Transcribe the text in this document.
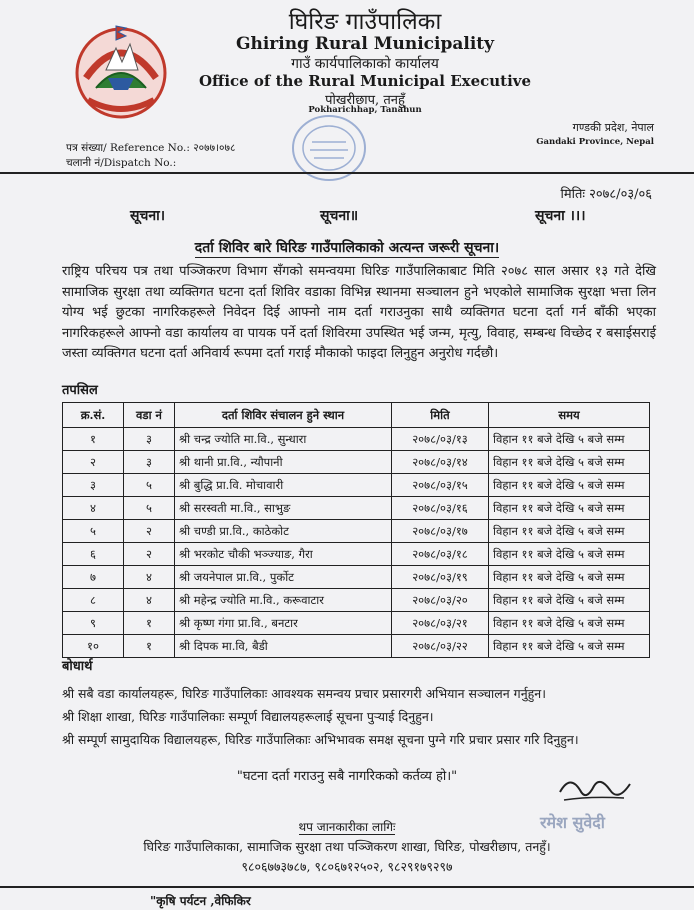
घिरिङ गाउँपालिका
Ghiring Rural Municipality
गाउँ कार्यपालिकाको कार्यालय
Office of the Rural Municipal Executive
पोखरीछाप, तनहुँ
Pokharichhap, Tanahun
गण्डकी प्रदेश, नेपाल
Gandaki Province, Nepal
पत्र संख्या/ Reference No.: २०७७।०७८
चलानी नं/Dispatch No.:
मितिः २०७८/०३/०६
सूचना।	सूचना॥	सूचना ।।।
दर्ता शिविर बारे घिरिङ गाउँपालिकाको अत्यन्त जरूरी सूचना।
राष्ट्रिय परिचय पत्र तथा पञ्जिकरण विभाग सँगको समन्वयमा घिरिङ गाउँपालिकाबाट मिति २०७८ साल असार १३ गते देखि सामाजिक सुरक्षा तथा व्यक्तिगत घटना दर्ता शिविर वडाका विभिन्न स्थानमा सञ्चालन हुने भएकोले सामाजिक सुरक्षा भत्ता लिन योग्य भई छुटका नागरिकहरूले निवेदन दिई आफ्नो नाम दर्ता गराउनुका साथै व्यक्तिगत घटना दर्ता गर्न बाँकी भएका नागरिकहरूले आफ्नो वडा कार्यालय वा पायक पर्ने दर्ता शिविरमा उपस्थित भई जन्म, मृत्यु, विवाह, सम्बन्ध विच्छेद र बसाईसराई जस्ता व्यक्तिगत घटना दर्ता अनिवार्य रूपमा दर्ता गराई मौकाको फाइदा लिनुहुन अनुरोध गर्दछौ।
तपसिल
क्र.सं.	वडा नं	दर्ता शिविर संचालन हुने स्थान	मिति	समय
१	३	श्री चन्द्र ज्योति मा.वि., सुन्धारा	२०७८/०३/१३	विहान ११ बजे देखि ५ बजे सम्म
२	३	श्री थानी प्रा.वि., न्यौपानी	२०७८/०३/१४	विहान ११ बजे देखि ५ बजे सम्म
३	५	श्री बुद्धि प्रा.वि. मोचावारी	२०७८/०३/१५	विहान ११ बजे देखि ५ बजे सम्म
४	५	श्री सरस्वती मा.वि., साभुङ	२०७८/०३/१६	विहान ११ बजे देखि ५ बजे सम्म
५	२	श्री चण्डी प्रा.वि., काठेकोट	२०७८/०३/१७	विहान ११ बजे देखि ५ बजे सम्म
६	२	श्री भरकोट चौकी भञ्ज्याङ, गैरा	२०७८/०३/१८	विहान ११ बजे देखि ५ बजे सम्म
७	४	श्री जयनेपाल प्रा.वि., पुर्कोट	२०७८/०३/१९	विहान ११ बजे देखि ५ बजे सम्म
८	४	श्री महेन्द्र ज्योति मा.वि., करूवाटार	२०७८/०३/२०	विहान ११ बजे देखि ५ बजे सम्म
९	१	श्री कृष्ण गंगा प्रा.वि., बनटार	२०७८/०३/२१	विहान ११ बजे देखि ५ बजे सम्म
१०	१	श्री दिपक मा.वि, बैडी	२०७८/०३/२२	विहान ११ बजे देखि ५ बजे सम्म
बोधार्थ
श्री सबै वडा कार्यालयहरू, घिरिङ गाउँपालिकाः आवश्यक समन्वय प्रचार प्रसारगरी अभियान सञ्चालन गर्नुहुन।
श्री शिक्षा शाखा, घिरिङ गाउँपालिकाः सम्पूर्ण विद्यालयहरूलाई सूचना पुऱ्याई दिनुहुन।
श्री सम्पूर्ण सामुदायिक विद्यालयहरू, घिरिङ गाउँपालिकाः अभिभावक समक्ष सूचना पुग्ने गरि प्रचार प्रसार गरि दिनुहुन।
"घटना दर्ता गराउनु सबै नागरिकको कर्तव्य हो।"
रमेश सुवेदी
थप जानकारीका लागिः
घिरिङ गाउँपालिकाका, सामाजिक सुरक्षा तथा पञ्जिकरण शाखा, घिरिङ, पोखरीछाप, तनहुँ।
९८०६७७३७८७, ९८०६७१२५०२, ९८२९१७९२९७
"कृषि पर्यटन ,वेफिकिर
